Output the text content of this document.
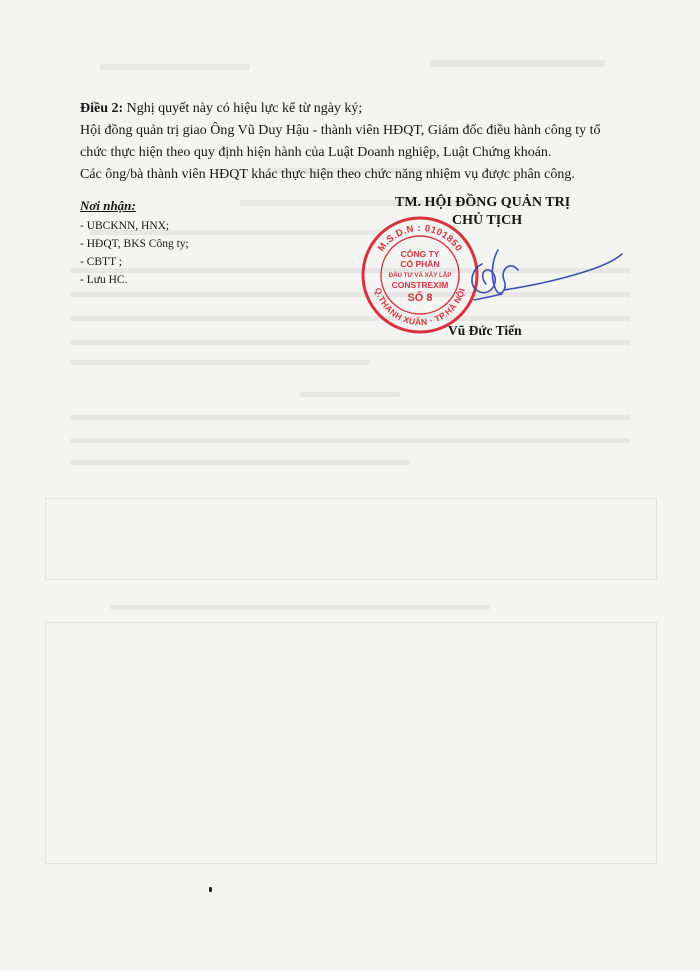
Điều 2: Nghị quyết này có hiệu lực kể từ ngày ký;

Hội đồng quản trị giao Ông Vũ Duy Hậu - thành viên HĐQT, Giám đốc điều hành công ty tổ chức thực hiện theo quy định hiện hành của Luật Doanh nghiệp, Luật Chứng khoán.

Các ông/bà thành viên HĐQT khác thực hiện theo chức năng nhiệm vụ được phân công.

Nơi nhận:
- UBCKNN, HNX;
- HĐQT, BKS Công ty;
- CBTT ;
- Lưu HC.
TM. HỘI ĐỒNG QUẢN TRỊ
CHỦ TỊCH
M.S.D.N : 0101850
Q.THANH XUÂN · TP.HÀ NỘI
CÔNG TY
CỔ PHẦN
ĐẦU TƯ VÀ XÂY LẮP
CONSTREXIM
SỐ 8
Vũ Đức Tiến
